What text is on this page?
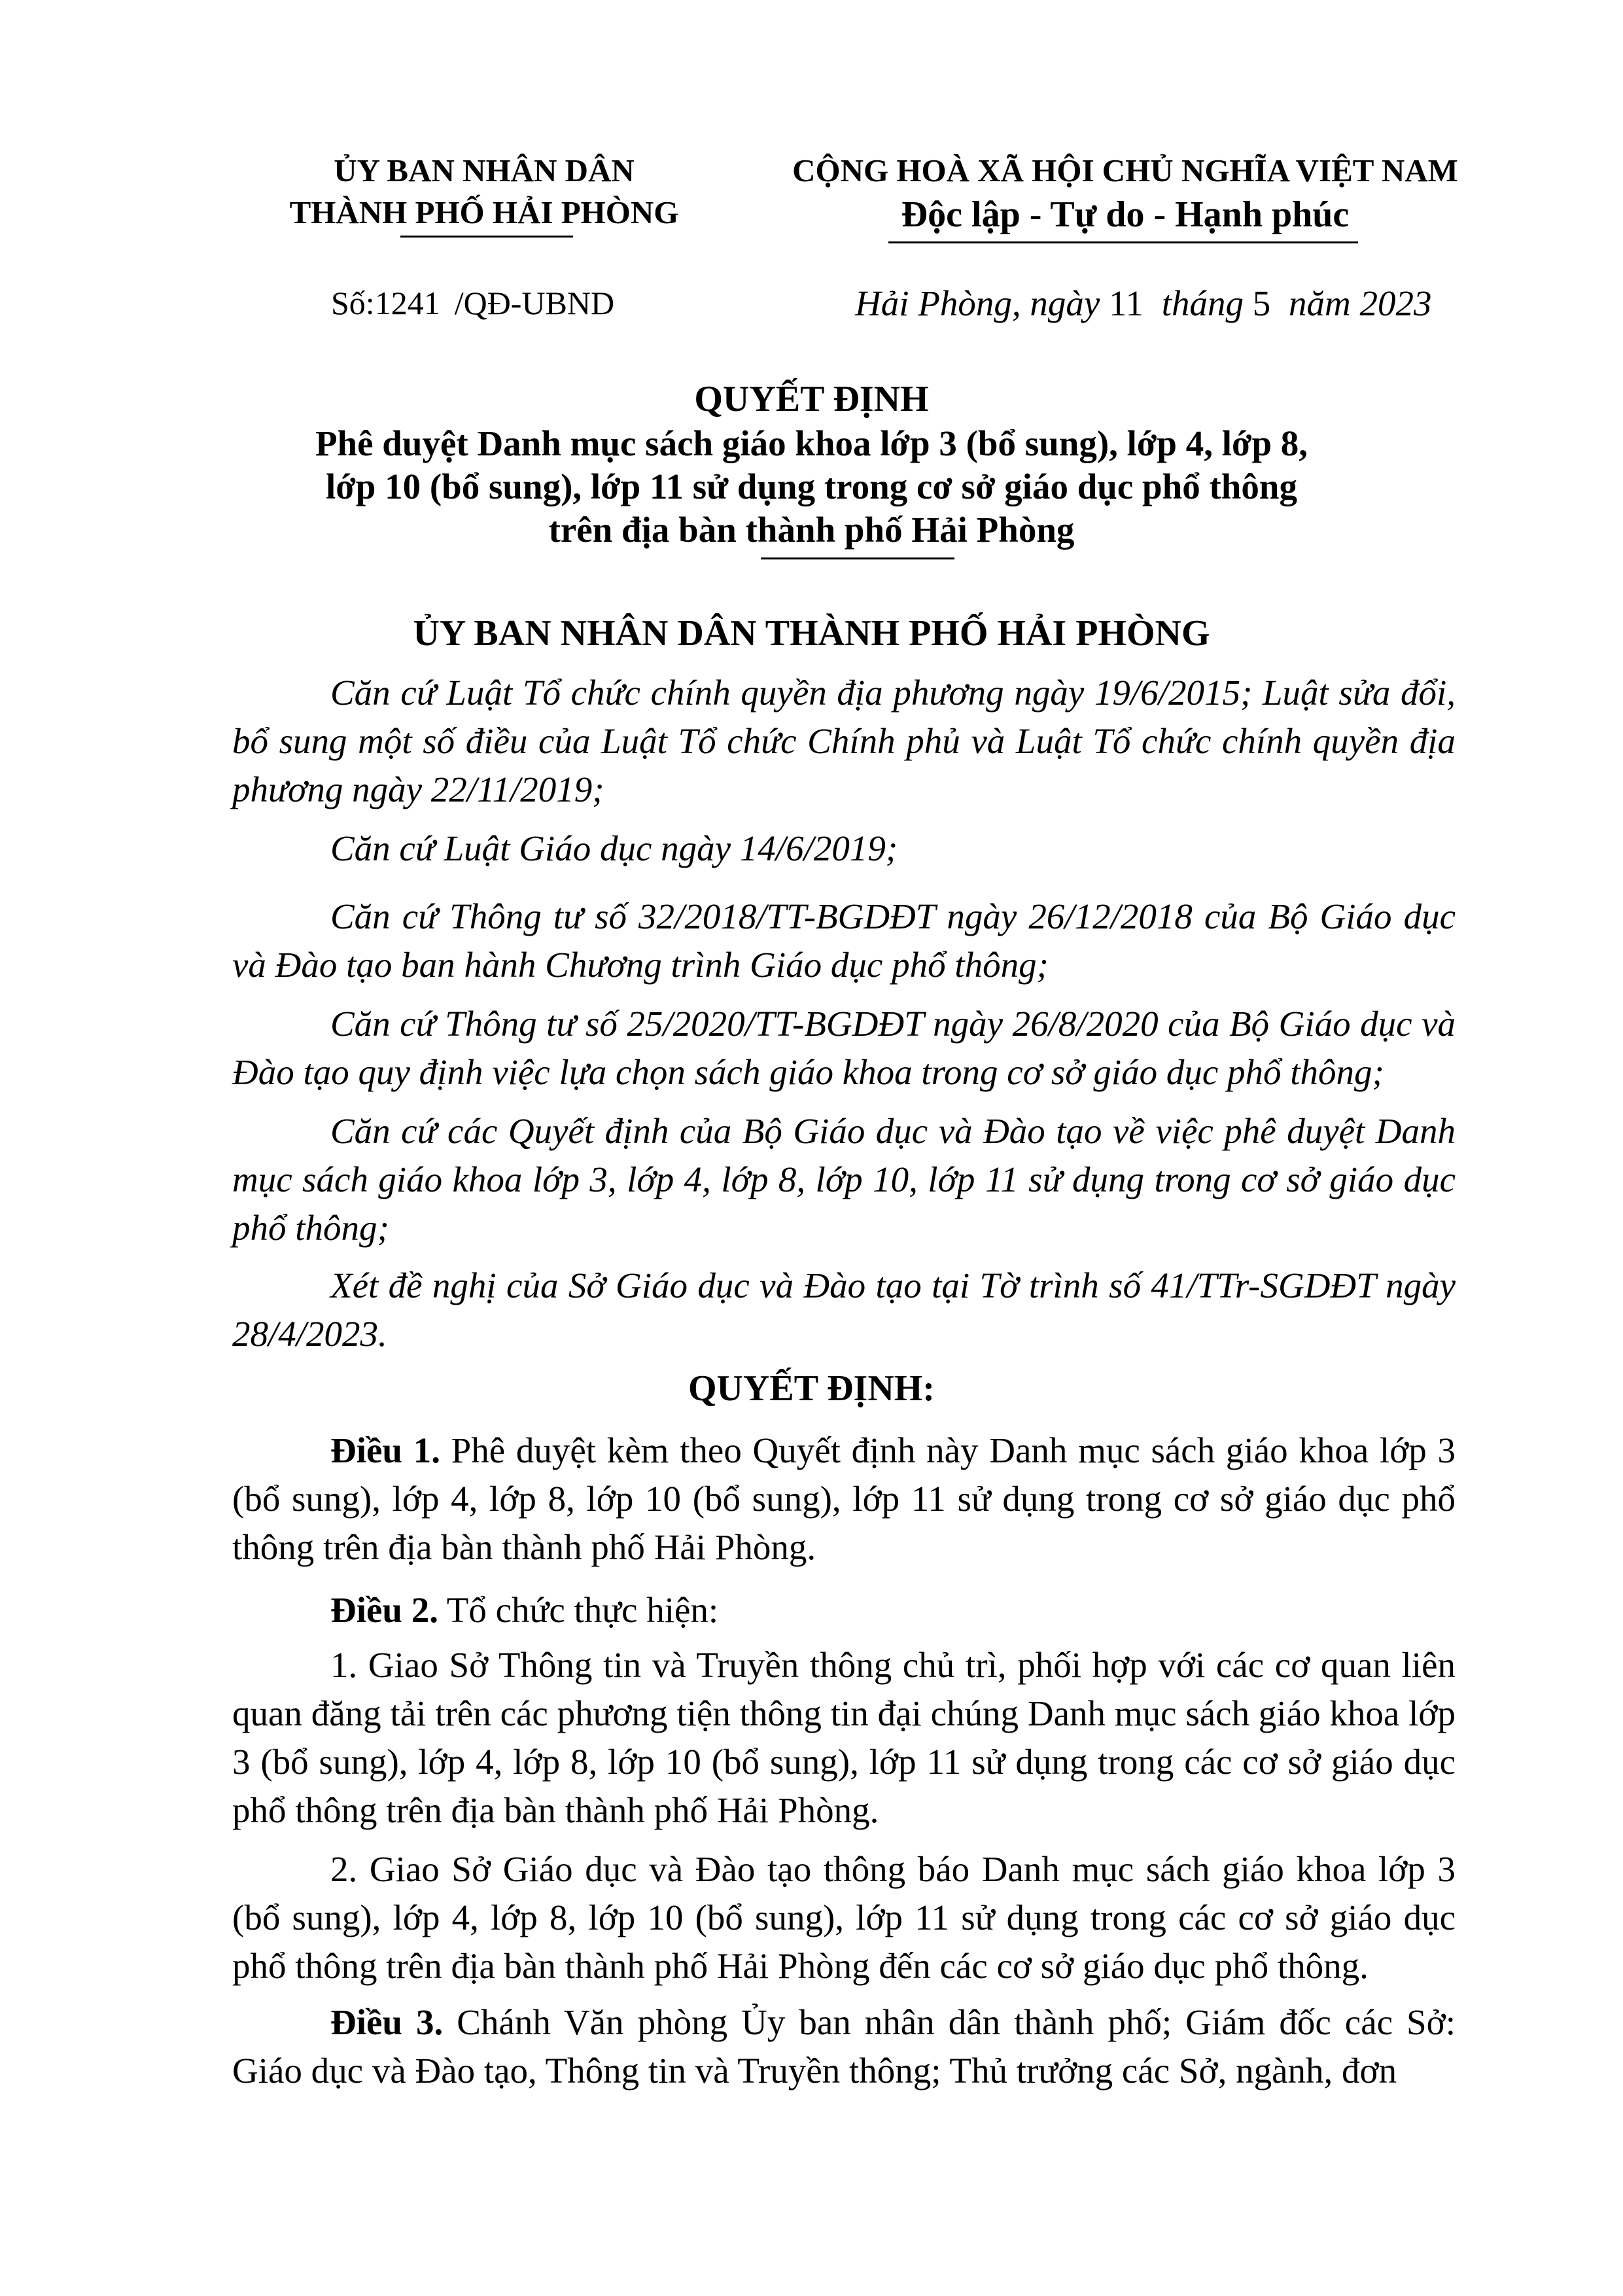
ỦY BAN NHÂN DÂN
THÀNH PHỐ HẢI PHÒNG
CỘNG HOÀ XÃ HỘI CHỦ NGHĨA VIỆT NAM
Độc lập - Tự do - Hạnh phúc
Số:1241 /QĐ-UBND	Hải Phòng, ngày 11 tháng 5 năm 2023
QUYẾT ĐỊNH
Phê duyệt Danh mục sách giáo khoa lớp 3 (bổ sung), lớp 4, lớp 8,
lớp 10 (bổ sung), lớp 11 sử dụng trong cơ sở giáo dục phổ thông
trên địa bàn thành phố Hải Phòng
ỦY BAN NHÂN DÂN THÀNH PHỐ HẢI PHÒNG
Căn cứ Luật Tổ chức chính quyền địa phương ngày 19/6/2015; Luật sửa đổi, bổ sung một số điều của Luật Tổ chức Chính phủ và Luật Tổ chức chính quyền địa phương ngày 22/11/2019;
Căn cứ Luật Giáo dục ngày 14/6/2019;
Căn cứ Thông tư số 32/2018/TT-BGDĐT ngày 26/12/2018 của Bộ Giáo dục và Đào tạo ban hành Chương trình Giáo dục phổ thông;
Căn cứ Thông tư số 25/2020/TT-BGDĐT ngày 26/8/2020 của Bộ Giáo dục và Đào tạo quy định việc lựa chọn sách giáo khoa trong cơ sở giáo dục phổ thông;
Căn cứ các Quyết định của Bộ Giáo dục và Đào tạo về việc phê duyệt Danh mục sách giáo khoa lớp 3, lớp 4, lớp 8, lớp 10, lớp 11 sử dụng trong cơ sở giáo dục phổ thông;
Xét đề nghị của Sở Giáo dục và Đào tạo tại Tờ trình số 41/TTr-SGDĐT ngày 28/4/2023.
QUYẾT ĐỊNH:
Điều 1. Phê duyệt kèm theo Quyết định này Danh mục sách giáo khoa lớp 3 (bổ sung), lớp 4, lớp 8, lớp 10 (bổ sung), lớp 11 sử dụng trong cơ sở giáo dục phổ thông trên địa bàn thành phố Hải Phòng.
Điều 2. Tổ chức thực hiện:
1. Giao Sở Thông tin và Truyền thông chủ trì, phối hợp với các cơ quan liên quan đăng tải trên các phương tiện thông tin đại chúng Danh mục sách giáo khoa lớp 3 (bổ sung), lớp 4, lớp 8, lớp 10 (bổ sung), lớp 11 sử dụng trong các cơ sở giáo dục phổ thông trên địa bàn thành phố Hải Phòng.
2. Giao Sở Giáo dục và Đào tạo thông báo Danh mục sách giáo khoa lớp 3 (bổ sung), lớp 4, lớp 8, lớp 10 (bổ sung), lớp 11 sử dụng trong các cơ sở giáo dục phổ thông trên địa bàn thành phố Hải Phòng đến các cơ sở giáo dục phổ thông.
Điều 3. Chánh Văn phòng Ủy ban nhân dân thành phố; Giám đốc các Sở: Giáo dục và Đào tạo, Thông tin và Truyền thông; Thủ trưởng các Sở, ngành, đơn
